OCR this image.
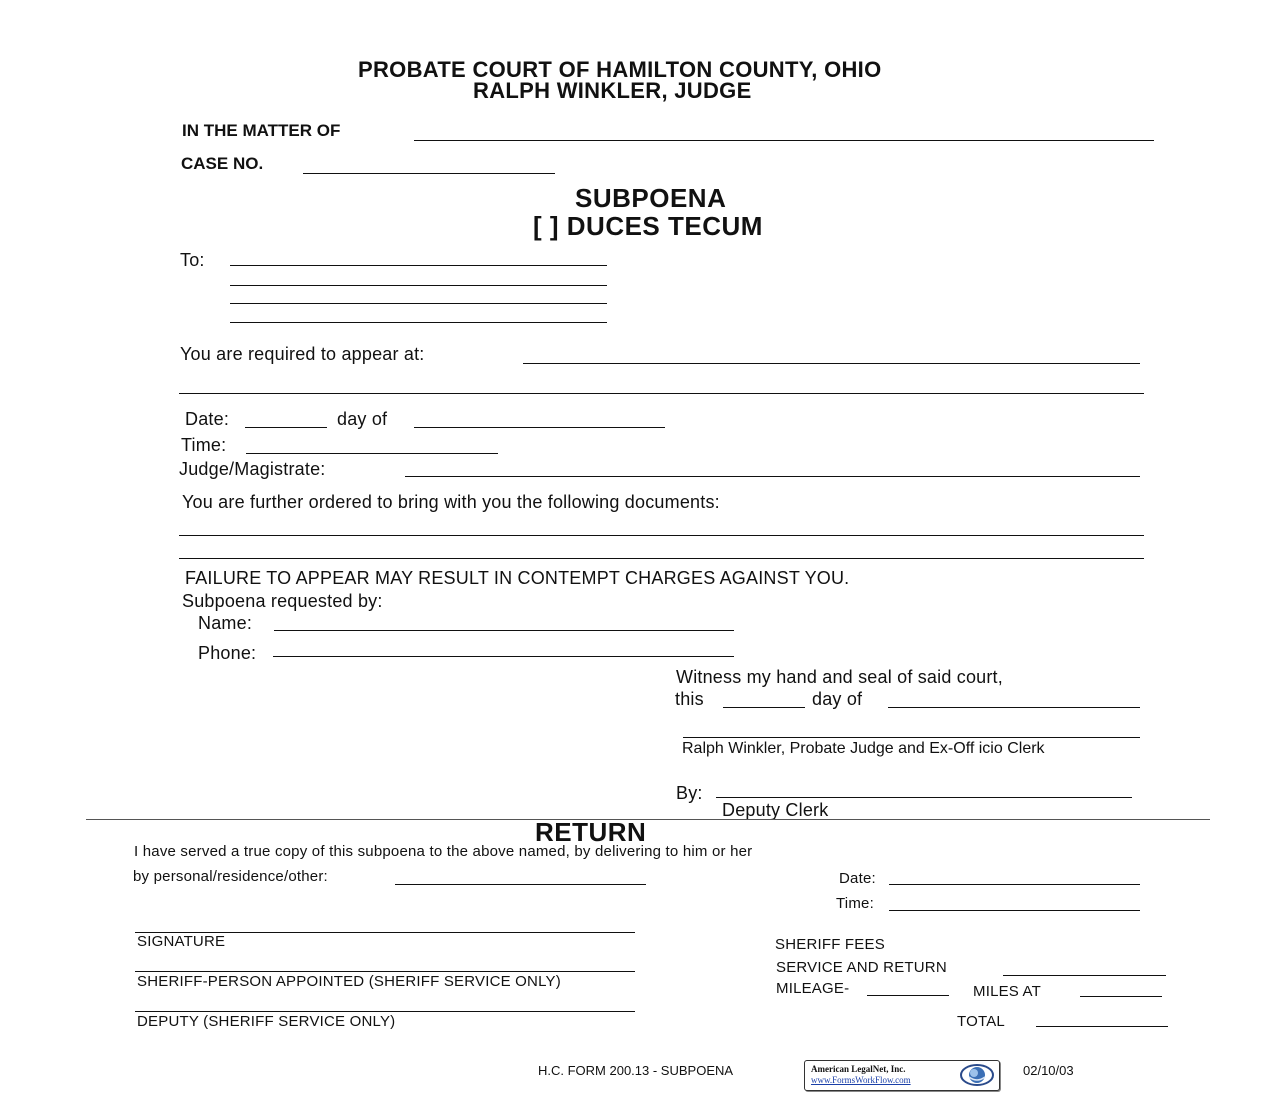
PROBATE COURT OF HAMILTON COUNTY, OHIO
RALPH WINKLER, JUDGE
IN THE MATTER OF
CASE NO.
SUBPOENA
[ ] DUCES TECUM
To:
You are required to appear at:
Date:	day of
Time:
Judge/Magistrate:
You are further ordered to bring with you the following documents:
FAILURE TO APPEAR MAY RESULT IN CONTEMPT CHARGES AGAINST YOU.
Subpoena requested by:
Name:
Phone:
Witness my hand and seal of said court,
this	day of
Ralph Winkler, Probate Judge and Ex-Off icio Clerk
By:
Deputy Clerk
RETURN
I have served a true copy of this subpoena to the above named, by delivering to him or her
by personal/residence/other:	Date:
Time:
SIGNATURE
SHERIFF-PERSON APPOINTED (SHERIFF SERVICE ONLY)
DEPUTY (SHERIFF SERVICE ONLY)
SHERIFF FEES
SERVICE AND RETURN
MILEAGE-	MILES AT
TOTAL
H.C. FORM 200.13 - SUBPOENA	American LegalNet, Inc.
www.FormsWorkFlow.com
02/10/03
